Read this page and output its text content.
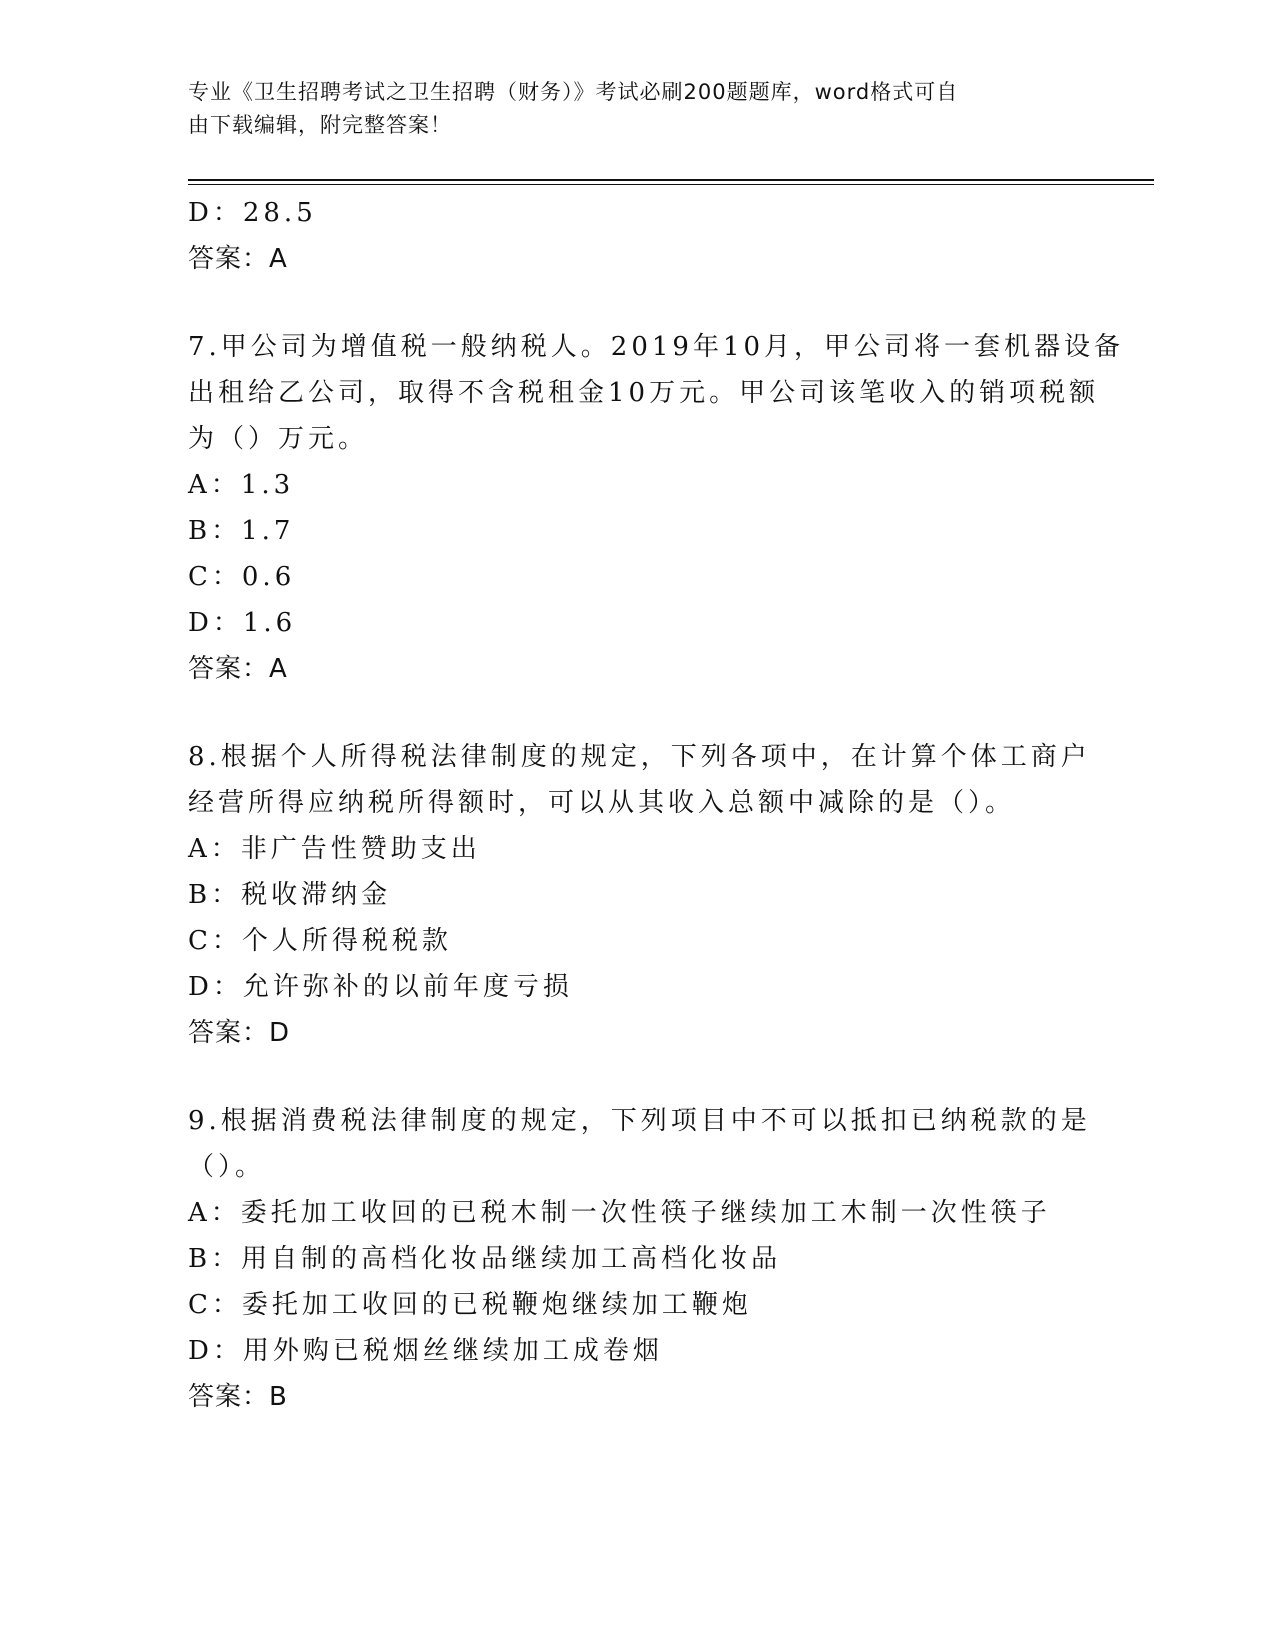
专业《卫生招聘考试之卫生招聘（财务）》考试必刷200题题库，word格式可自
由下载编辑，附完整答案！
D：28.5
答案：A
7.甲公司为增值税一般纳税人。2019年10月，甲公司将一套机器设备
出租给乙公司，取得不含税租金10万元。甲公司该笔收入的销项税额
为（）万元。
A：1.3
B：1.7
C：0.6
D：1.6
答案：A
8.根据个人所得税法律制度的规定，下列各项中，在计算个体工商户
经营所得应纳税所得额时，可以从其收入总额中减除的是（）。
A：非广告性赞助支出
B：税收滞纳金
C：个人所得税税款
D：允许弥补的以前年度亏损
答案：D
9.根据消费税法律制度的规定，下列项目中不可以抵扣已纳税款的是
（）。
A：委托加工收回的已税木制一次性筷子继续加工木制一次性筷子
B：用自制的高档化妆品继续加工高档化妆品
C：委托加工收回的已税鞭炮继续加工鞭炮
D：用外购已税烟丝继续加工成卷烟
答案：B
